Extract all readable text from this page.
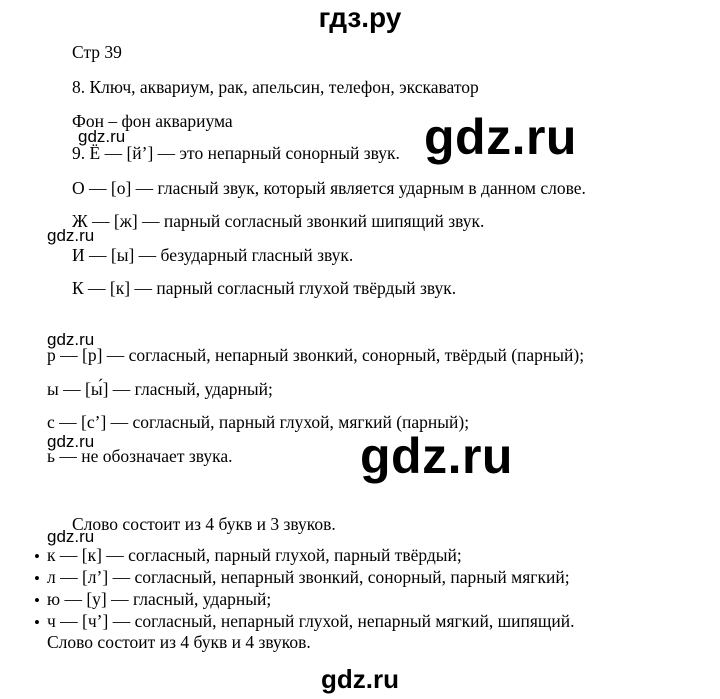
гдз.ру
Стр 39
8. Ключ, аквариум, рак, апельсин, телефон, экскаватор
Фон – фон аквариума
gdz.ru	gdz.ru
9. Ё — [й’] — это непарный сонорный звук.
О — [о] — гласный звук, который является ударным в данном слове.
Ж — [ж] — парный согласный звонкий шипящий звук.
gdz.ru
И — [ы] — безударный гласный звук.
К — [к] — парный согласный глухой твёрдый звук.
gdz.ru
р — [р] — согласный, непарный звонкий, сонорный, твёрдый (парный);
ы — [ы́] — гласный, ударный;
с — [с’] — согласный, парный глухой, мягкий (парный);
gdz.ru	gdz.ru
ь — не обозначает звука.
Слово состоит из 4 букв и 3 звуков.
gdz.ru
• к — [к] — согласный, парный глухой, парный твёрдый;
• л — [л’] — согласный, непарный звонкий, сонорный, парный мягкий;
• ю — [у] — гласный, ударный;
• ч — [ч’] — согласный, непарный глухой, непарный мягкий, шипящий.
Слово состоит из 4 букв и 4 звуков.
gdz.ru
